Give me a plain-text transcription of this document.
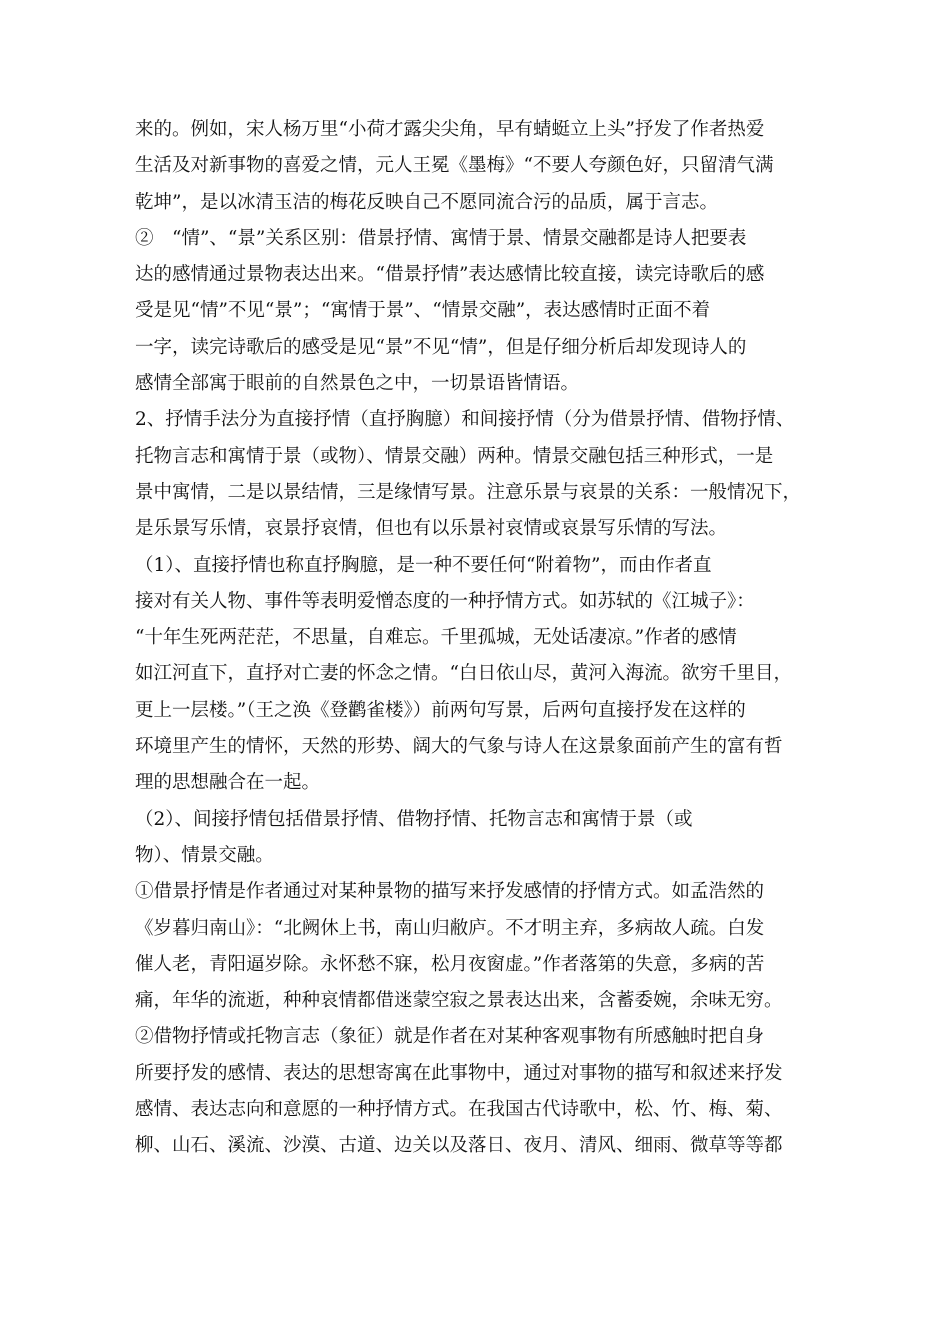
来的。例如，宋人杨万里“小荷才露尖尖角，早有蜻蜓立上头”抒发了作者热爱
生活及对新事物的喜爱之情，元人王冕《墨梅》“不要人夸颜色好，只留清气满
乾坤”，是以冰清玉洁的梅花反映自己不愿同流合污的品质，属于言志。
②　“情”、“景”关系区别：借景抒情、寓情于景、情景交融都是诗人把要表
达的感情通过景物表达出来。“借景抒情”表达感情比较直接，读完诗歌后的感
受是见“情”不见“景”；“寓情于景”、“情景交融”，表达感情时正面不着
一字，读完诗歌后的感受是见“景”不见“情”，但是仔细分析后却发现诗人的
感情全部寓于眼前的自然景色之中，一切景语皆情语。
2、抒情手法分为直接抒情（直抒胸臆）和间接抒情（分为借景抒情、借物抒情、
托物言志和寓情于景（或物）、情景交融）两种。情景交融包括三种形式，一是
景中寓情，二是以景结情，三是缘情写景。注意乐景与哀景的关系：一般情况下，
是乐景写乐情，哀景抒哀情，但也有以乐景衬哀情或哀景写乐情的写法。
（1）、直接抒情也称直抒胸臆，是一种不要任何“附着物”，而由作者直
接对有关人物、事件等表明爱憎态度的一种抒情方式。如苏轼的《江城子》：
“十年生死两茫茫，不思量，自难忘。千里孤城，无处话凄凉。”作者的感情
如江河直下，直抒对亡妻的怀念之情。“白日依山尽，黄河入海流。欲穷千里目，
更上一层楼。”（王之涣《登鹳雀楼》）前两句写景，后两句直接抒发在这样的
环境里产生的情怀，天然的形势、阔大的气象与诗人在这景象面前产生的富有哲
理的思想融合在一起。
（2）、间接抒情包括借景抒情、借物抒情、托物言志和寓情于景（或
物）、情景交融。
①借景抒情是作者通过对某种景物的描写来抒发感情的抒情方式。如孟浩然的
《岁暮归南山》：“北阙休上书，南山归敝庐。不才明主弃，多病故人疏。白发
催人老，青阳逼岁除。永怀愁不寐，松月夜窗虚。”作者落第的失意，多病的苦
痛，年华的流逝，种种哀情都借迷蒙空寂之景表达出来，含蓄委婉，余味无穷。
②借物抒情或托物言志（象征）就是作者在对某种客观事物有所感触时把自身
所要抒发的感情、表达的思想寄寓在此事物中，通过对事物的描写和叙述来抒发
感情、表达志向和意愿的一种抒情方式。在我国古代诗歌中，松、竹、梅、菊、
柳、山石、溪流、沙漠、古道、边关以及落日、夜月、清风、细雨、微草等等都
